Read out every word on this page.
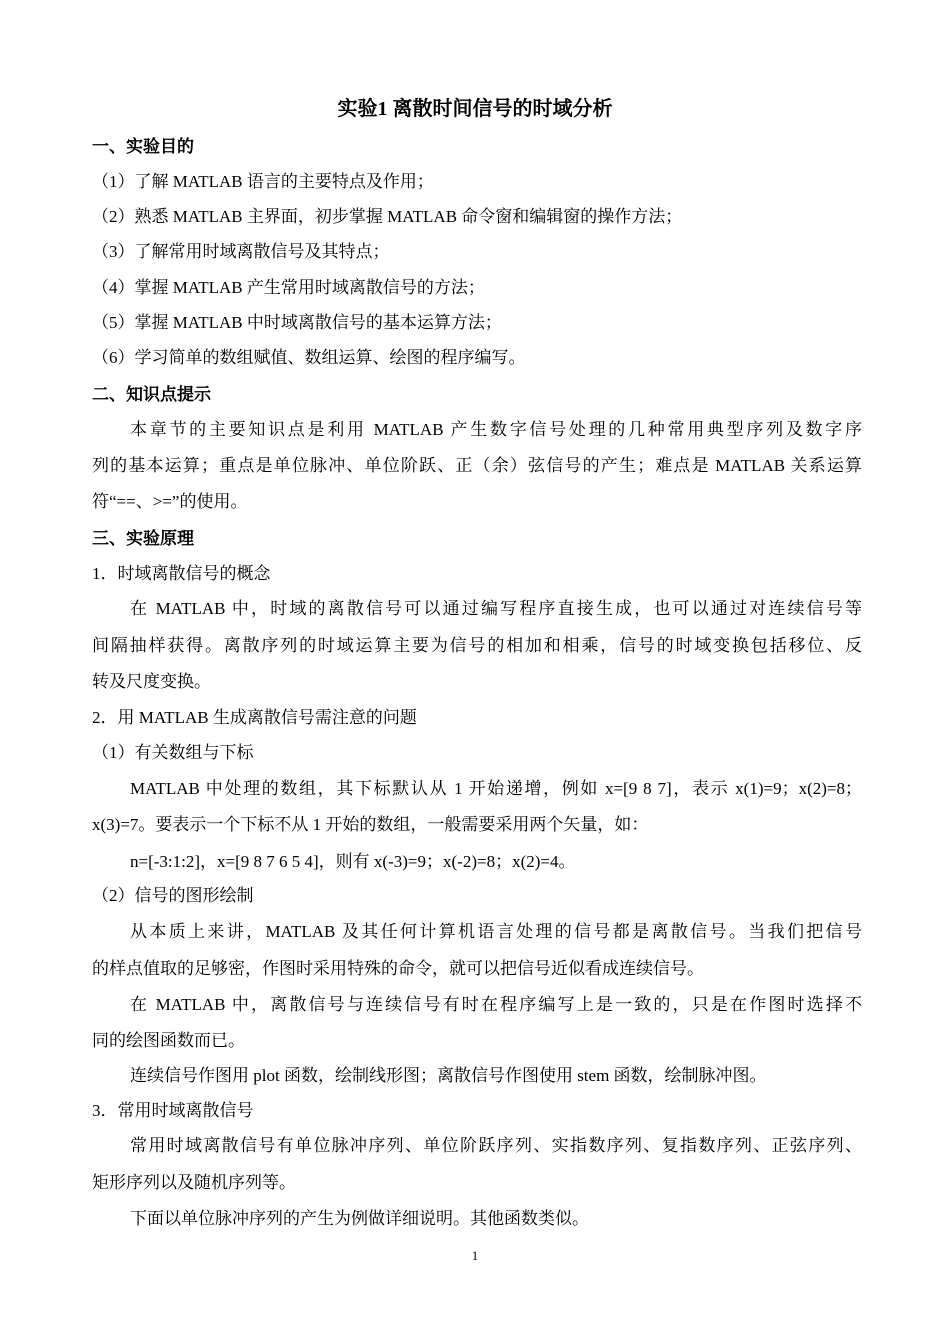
实验1 离散时间信号的时域分析
一、实验目的
（1）了解 MATLAB 语言的主要特点及作用；
（2）熟悉 MATLAB 主界面，初步掌握 MATLAB 命令窗和编辑窗的操作方法；
（3）了解常用时域离散信号及其特点；
（4）掌握 MATLAB 产生常用时域离散信号的方法；
（5）掌握 MATLAB 中时域离散信号的基本运算方法；
（6）学习简单的数组赋值、数组运算、绘图的程序编写。
二、知识点提示
本章节的主要知识点是利用 MATLAB 产生数字信号处理的几种常用典型序列及数字序
列的基本运算；重点是单位脉冲、单位阶跃、正（余）弦信号的产生；难点是 MATLAB 关系运算
符“==、>=”的使用。
三、实验原理
1．时域离散信号的概念
在 MATLAB 中，时域的离散信号可以通过编写程序直接生成，也可以通过对连续信号等
间隔抽样获得。离散序列的时域运算主要为信号的相加和相乘，信号的时域变换包括移位、反
转及尺度变换。
2．用 MATLAB 生成离散信号需注意的问题
（1）有关数组与下标
MATLAB 中处理的数组，其下标默认从 1 开始递增，例如 x=[9 8 7]，表示 x(1)=9；x(2)=8；
x(3)=7。要表示一个下标不从 1 开始的数组，一般需要采用两个矢量，如：
n=[-3:1:2]，x=[9 8 7 6 5 4]，则有 x(-3)=9；x(-2)=8；x(2)=4。
（2）信号的图形绘制
从本质上来讲，MATLAB 及其任何计算机语言处理的信号都是离散信号。当我们把信号
的样点值取的足够密，作图时采用特殊的命令，就可以把信号近似看成连续信号。
在 MATLAB 中，离散信号与连续信号有时在程序编写上是一致的，只是在作图时选择不
同的绘图函数而已。
连续信号作图用 plot 函数，绘制线形图；离散信号作图使用 stem 函数，绘制脉冲图。
3．常用时域离散信号
常用时域离散信号有单位脉冲序列、单位阶跃序列、实指数序列、复指数序列、正弦序列、
矩形序列以及随机序列等。
下面以单位脉冲序列的产生为例做详细说明。其他函数类似。
1
